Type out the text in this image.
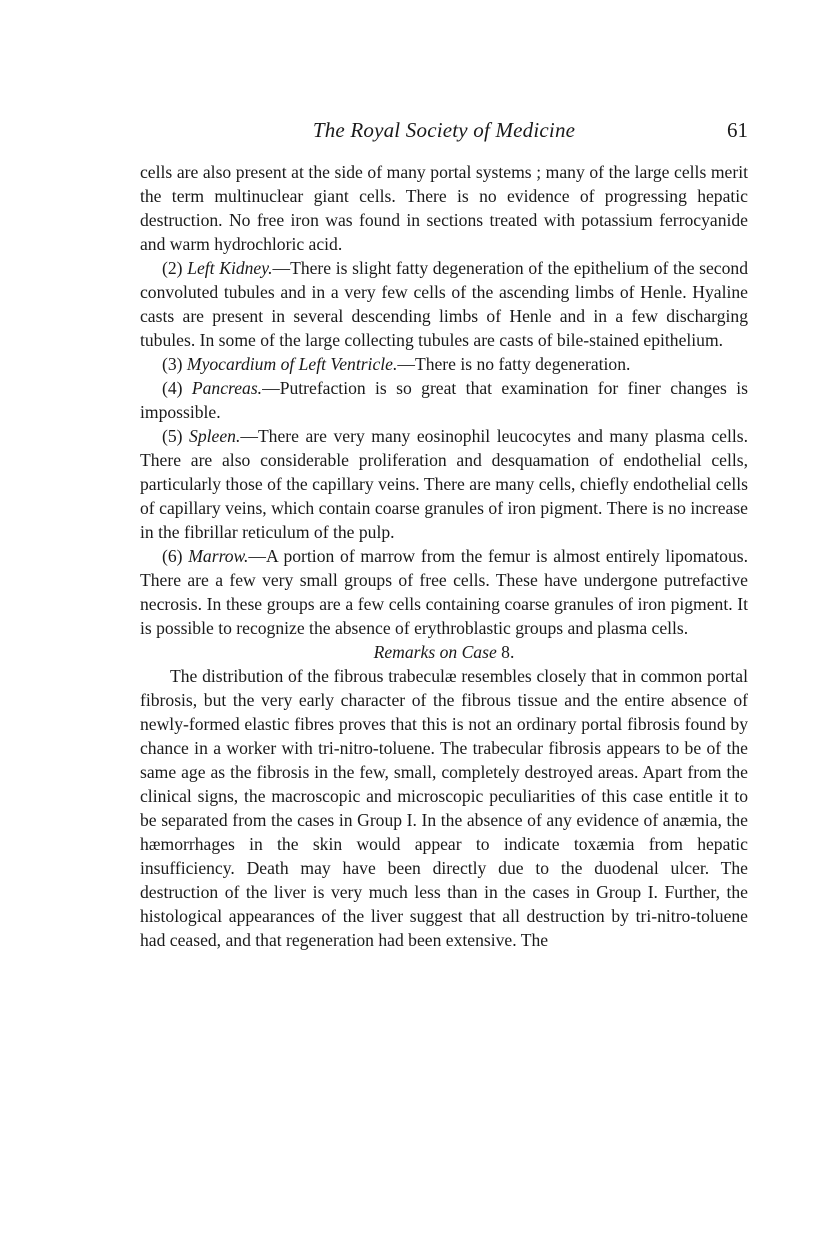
The Royal Society of Medicine	61

cells are also present at the side of many portal systems ; many of the large cells merit the term multinuclear giant cells. There is no evidence of progressing hepatic destruction. No free iron was found in sections treated with potassium ferrocyanide and warm hydrochloric acid.

(2) Left Kidney.—There is slight fatty degeneration of the epithelium of the second convoluted tubules and in a very few cells of the ascending limbs of Henle. Hyaline casts are present in several descending limbs of Henle and in a few discharging tubules. In some of the large collecting tubules are casts of bile-stained epithelium.

(3) Myocardium of Left Ventricle.—There is no fatty degeneration.

(4) Pancreas.—Putrefaction is so great that examination for finer changes is impossible.

(5) Spleen.—There are very many eosinophil leucocytes and many plasma cells. There are also considerable proliferation and desquamation of endothelial cells, particularly those of the capillary veins. There are many cells, chiefly endothelial cells of capillary veins, which contain coarse granules of iron pigment. There is no increase in the fibrillar reticulum of the pulp.

(6) Marrow.—A portion of marrow from the femur is almost entirely lipomatous. There are a few very small groups of free cells. These have undergone putrefactive necrosis. In these groups are a few cells containing coarse granules of iron pigment. It is possible to recognize the absence of erythroblastic groups and plasma cells.

Remarks on Case 8.

The distribution of the fibrous trabeculæ resembles closely that in common portal fibrosis, but the very early character of the fibrous tissue and the entire absence of newly-formed elastic fibres proves that this is not an ordinary portal fibrosis found by chance in a worker with tri-nitro-toluene. The trabecular fibrosis appears to be of the same age as the fibrosis in the few, small, completely destroyed areas. Apart from the clinical signs, the macroscopic and microscopic peculiarities of this case entitle it to be separated from the cases in Group I. In the absence of any evidence of anæmia, the hæmorrhages in the skin would appear to indicate toxæmia from hepatic insufficiency. Death may have been directly due to the duodenal ulcer. The destruction of the liver is very much less than in the cases in Group I. Further, the histological appearances of the liver suggest that all destruction by tri-nitro-toluene had ceased, and that regeneration had been extensive. The
